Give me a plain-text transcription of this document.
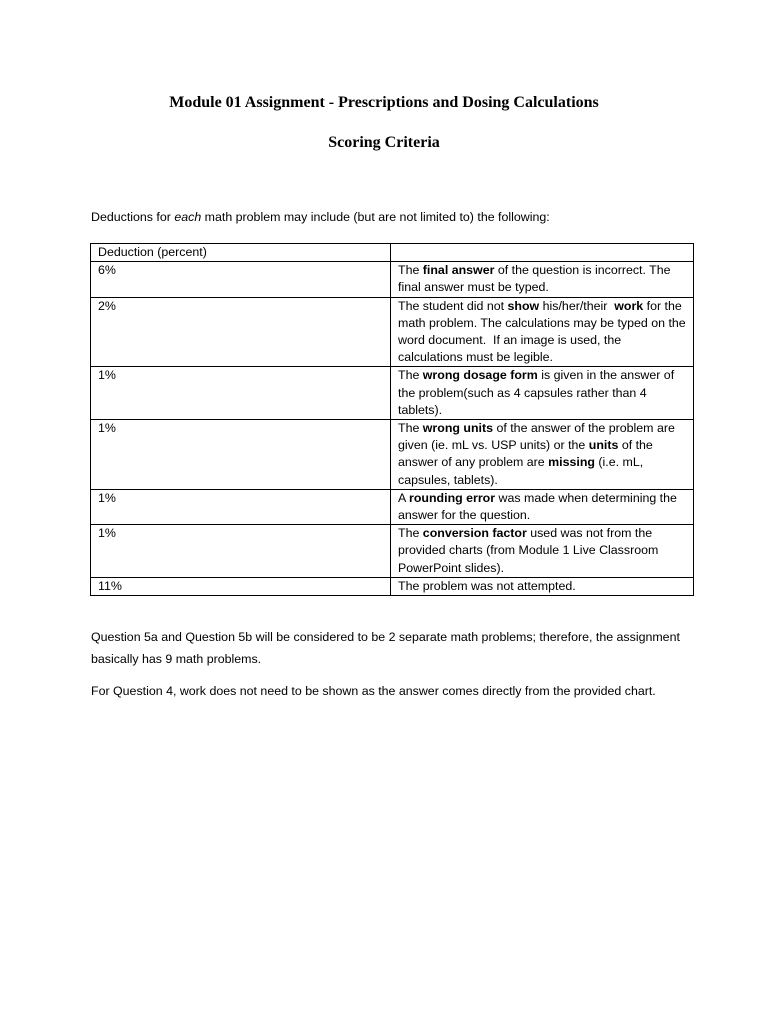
Module 01 Assignment - Prescriptions and Dosing Calculations
Scoring Criteria
Deductions for each math problem may include (but are not limited to) the following:
Deduction (percent)	
6%	The final answer of the question is incorrect. The final answer must be typed.
2%	The student did not show his/her/their  work for the math problem. The calculations may be typed on the word document.  If an image is used, the calculations must be legible.
1%	The wrong dosage form is given in the answer of the problem(such as 4 capsules rather than 4 tablets).
1%	The wrong units of the answer of the problem are given (ie. mL vs. USP units) or the units of the answer of any problem are missing (i.e. mL, capsules, tablets).
1%	A rounding error was made when determining the answer for the question.
1%	The conversion factor used was not from the provided charts (from Module 1 Live Classroom PowerPoint slides).
11%	The problem was not attempted.
Question 5a and Question 5b will be considered to be 2 separate math problems; therefore, the assignment basically has 9 math problems.
For Question 4, work does not need to be shown as the answer comes directly from the provided chart.
